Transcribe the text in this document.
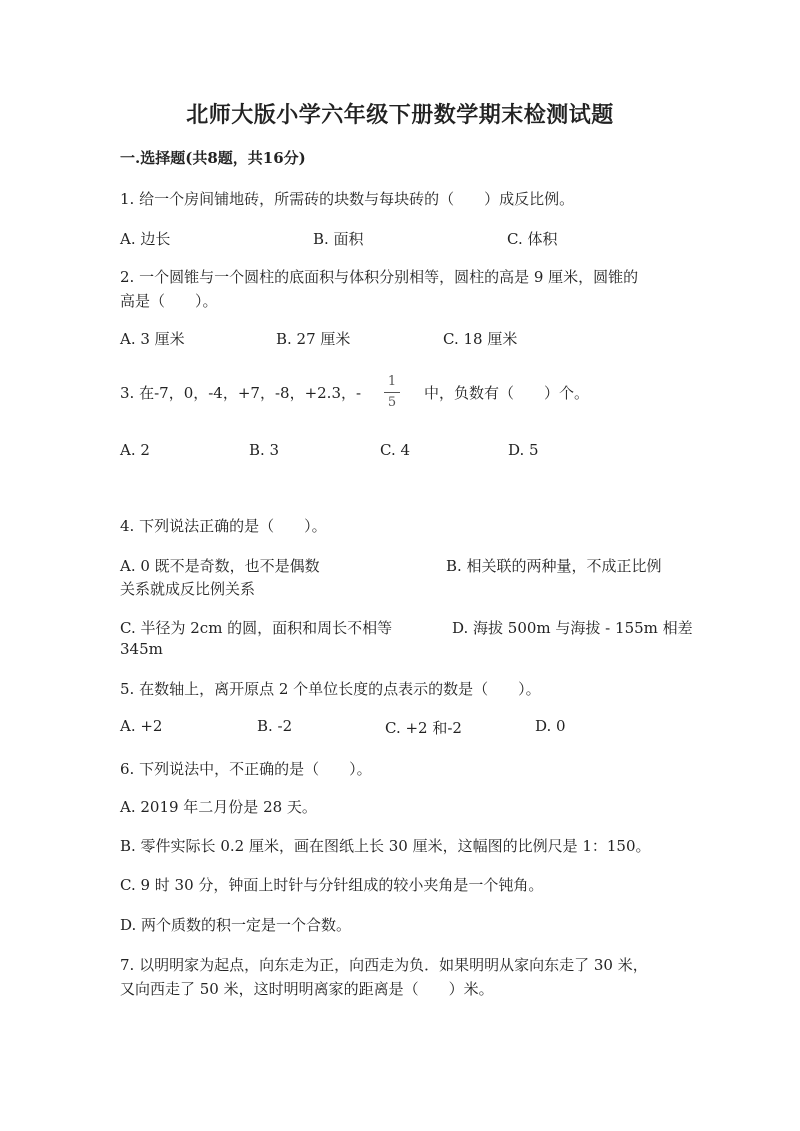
北师大版小学六年级下册数学期末检测试题
一.选择题(共8题，共16分)
1. 给一个房间铺地砖，所需砖的块数与每块砖的（　　）成反比例。
A. 边长	B. 面积	C. 体积
2. 一个圆锥与一个圆柱的底面积与体积分别相等，圆柱的高是 9 厘米，圆锥的
高是（　　）。
A. 3 厘米	B. 27 厘米	C. 18 厘米
3. 在-7，0，-4，+7，-8，+2.3，-
1
5
中，负数有（　　）个。
A. 2	B. 3	C. 4	D. 5
4. 下列说法正确的是（　　）。
A. 0 既不是奇数，也不是偶数	B. 相关联的两种量，不成正比例
关系就成反比例关系
C. 半径为 2cm 的圆，面积和周长不相等	D. 海拔 500m 与海拔 - 155m 相差
345m
5. 在数轴上，离开原点 2 个单位长度的点表示的数是（　　）。
A. +2	B. -2	C. +2 和-2	D. 0
6. 下列说法中，不正确的是（　　）。
A. 2019 年二月份是 28 天。
B. 零件实际长 0.2 厘米，画在图纸上长 30 厘米，这幅图的比例尺是 1：150。
C. 9 时 30 分，钟面上时针与分针组成的较小夹角是一个钝角。
D. 两个质数的积一定是一个合数。
7. 以明明家为起点，向东走为正，向西走为负．如果明明从家向东走了 30 米，
又向西走了 50 米，这时明明离家的距离是（　　）米。
